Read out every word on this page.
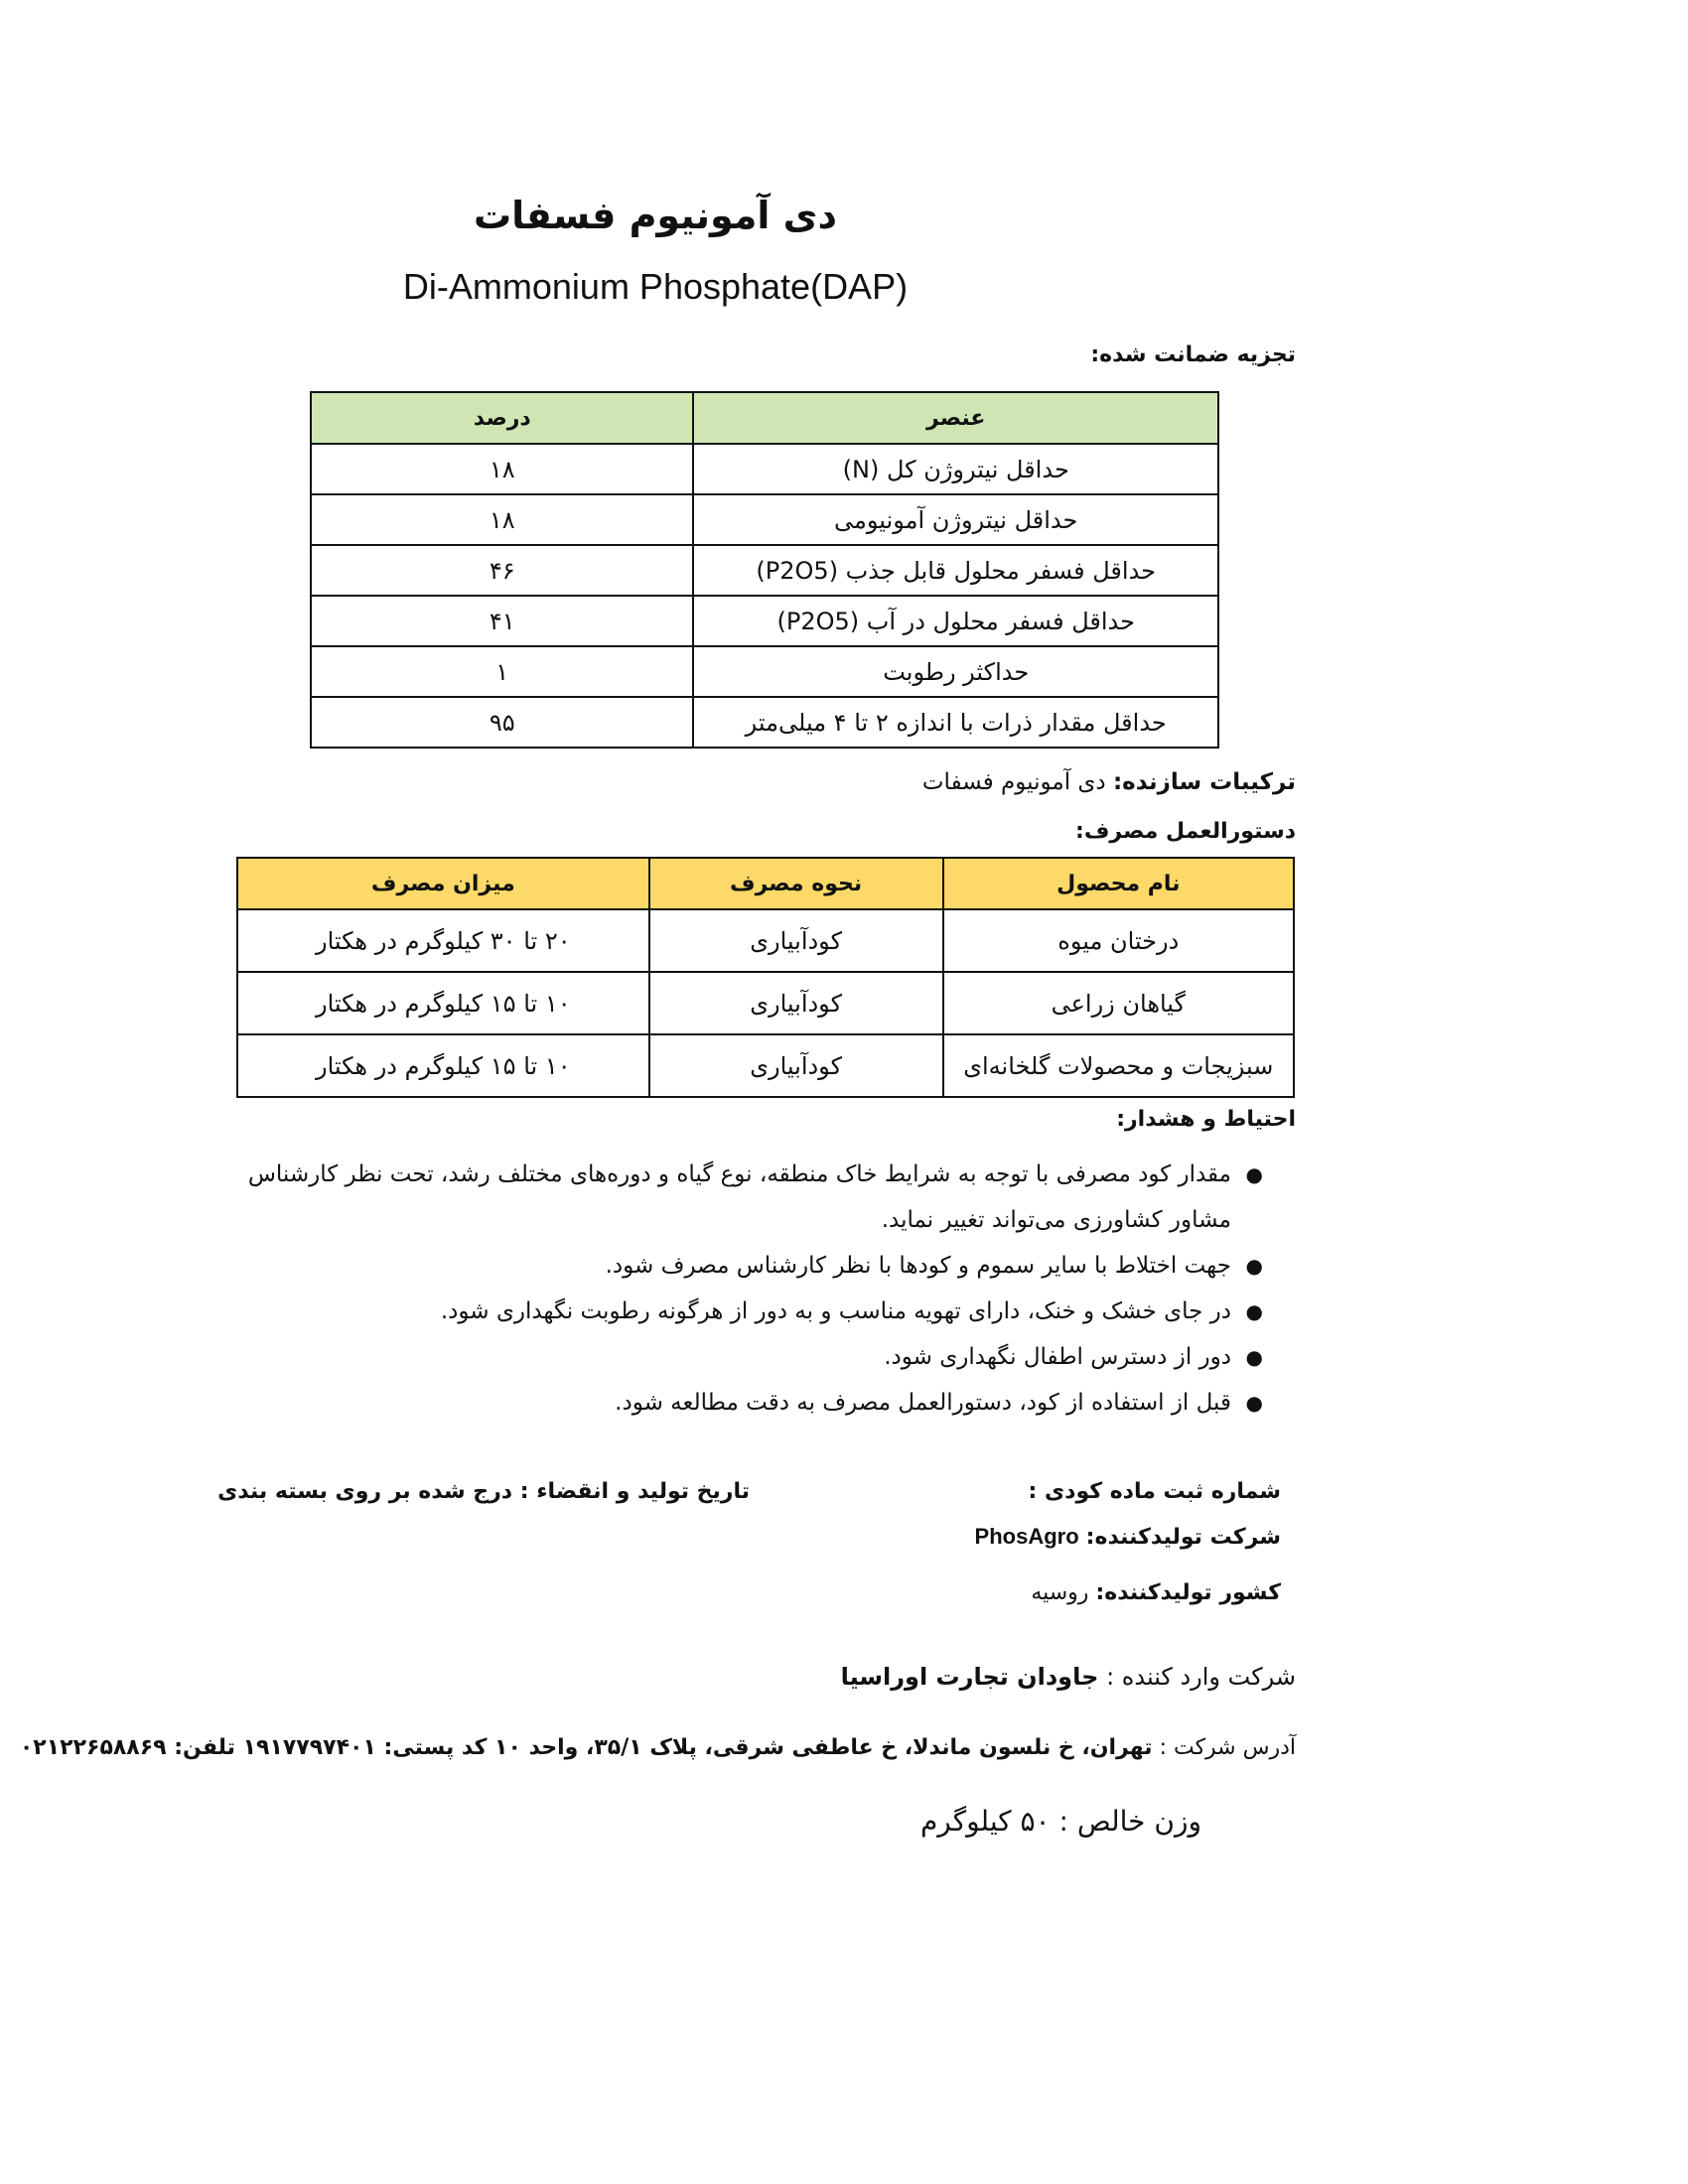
دی آمونیوم فسفات
Di-Ammonium Phosphate(DAP)
تجزیه ضمانت شده:
عنصر	درصد
حداقل نیتروژن کل (N)	۱۸
حداقل نیتروژن آمونیومی	۱۸
حداقل فسفر محلول قابل جذب (P2O5)	۴۶
حداقل فسفر محلول در آب (P2O5)	۴۱
حداکثر رطوبت	۱
حداقل مقدار ذرات با اندازه ۲ تا ۴ میلی‌متر	۹۵
ترکیبات سازنده: دی آمونیوم فسفات
دستورالعمل مصرف:
نام محصول	نحوه مصرف	میزان مصرف
درختان میوه	کودآبیاری	۲۰ تا ۳۰ کیلوگرم در هکتار
گیاهان زراعی	کودآبیاری	۱۰ تا ۱۵ کیلوگرم در هکتار
سبزیجات و محصولات گلخانه‌ای	کودآبیاری	۱۰ تا ۱۵ کیلوگرم در هکتار
احتیاط و هشدار:
●
مقدار کود مصرفی با توجه به شرایط خاک منطقه، نوع گیاه و دوره‌های مختلف رشد، تحت نظر کارشناس مشاور کشاورزی می‌تواند تغییر نماید.
●
جهت اختلاط با سایر سموم و کودها با نظر کارشناس مصرف شود.
●
در جای خشک و خنک، دارای تهویه مناسب و به دور از هرگونه رطوبت نگهداری شود.
●
دور از دسترس اطفال نگهداری شود.
●
قبل از استفاده از کود، دستورالعمل مصرف به دقت مطالعه شود.
شماره ثبت ماده کودی :
تاریخ تولید و انقضاء : درج شده بر روی بسته بندی
شرکت تولیدکننده: PhosAgro
کشور تولیدکننده: روسیه
شرکت وارد کننده : جاودان تجارت اوراسیا
آدرس شرکت : تهران، خ نلسون ماندلا، خ عاطفی شرقی، پلاک ۳۵/۱، واحد ۱۰ کد پستی: ۱۹۱۷۷۹۷۴۰۱ تلفن: ۰۲۱۲۲۶۵۸۸۶۹
وزن خالص : ۵۰ کیلوگرم
